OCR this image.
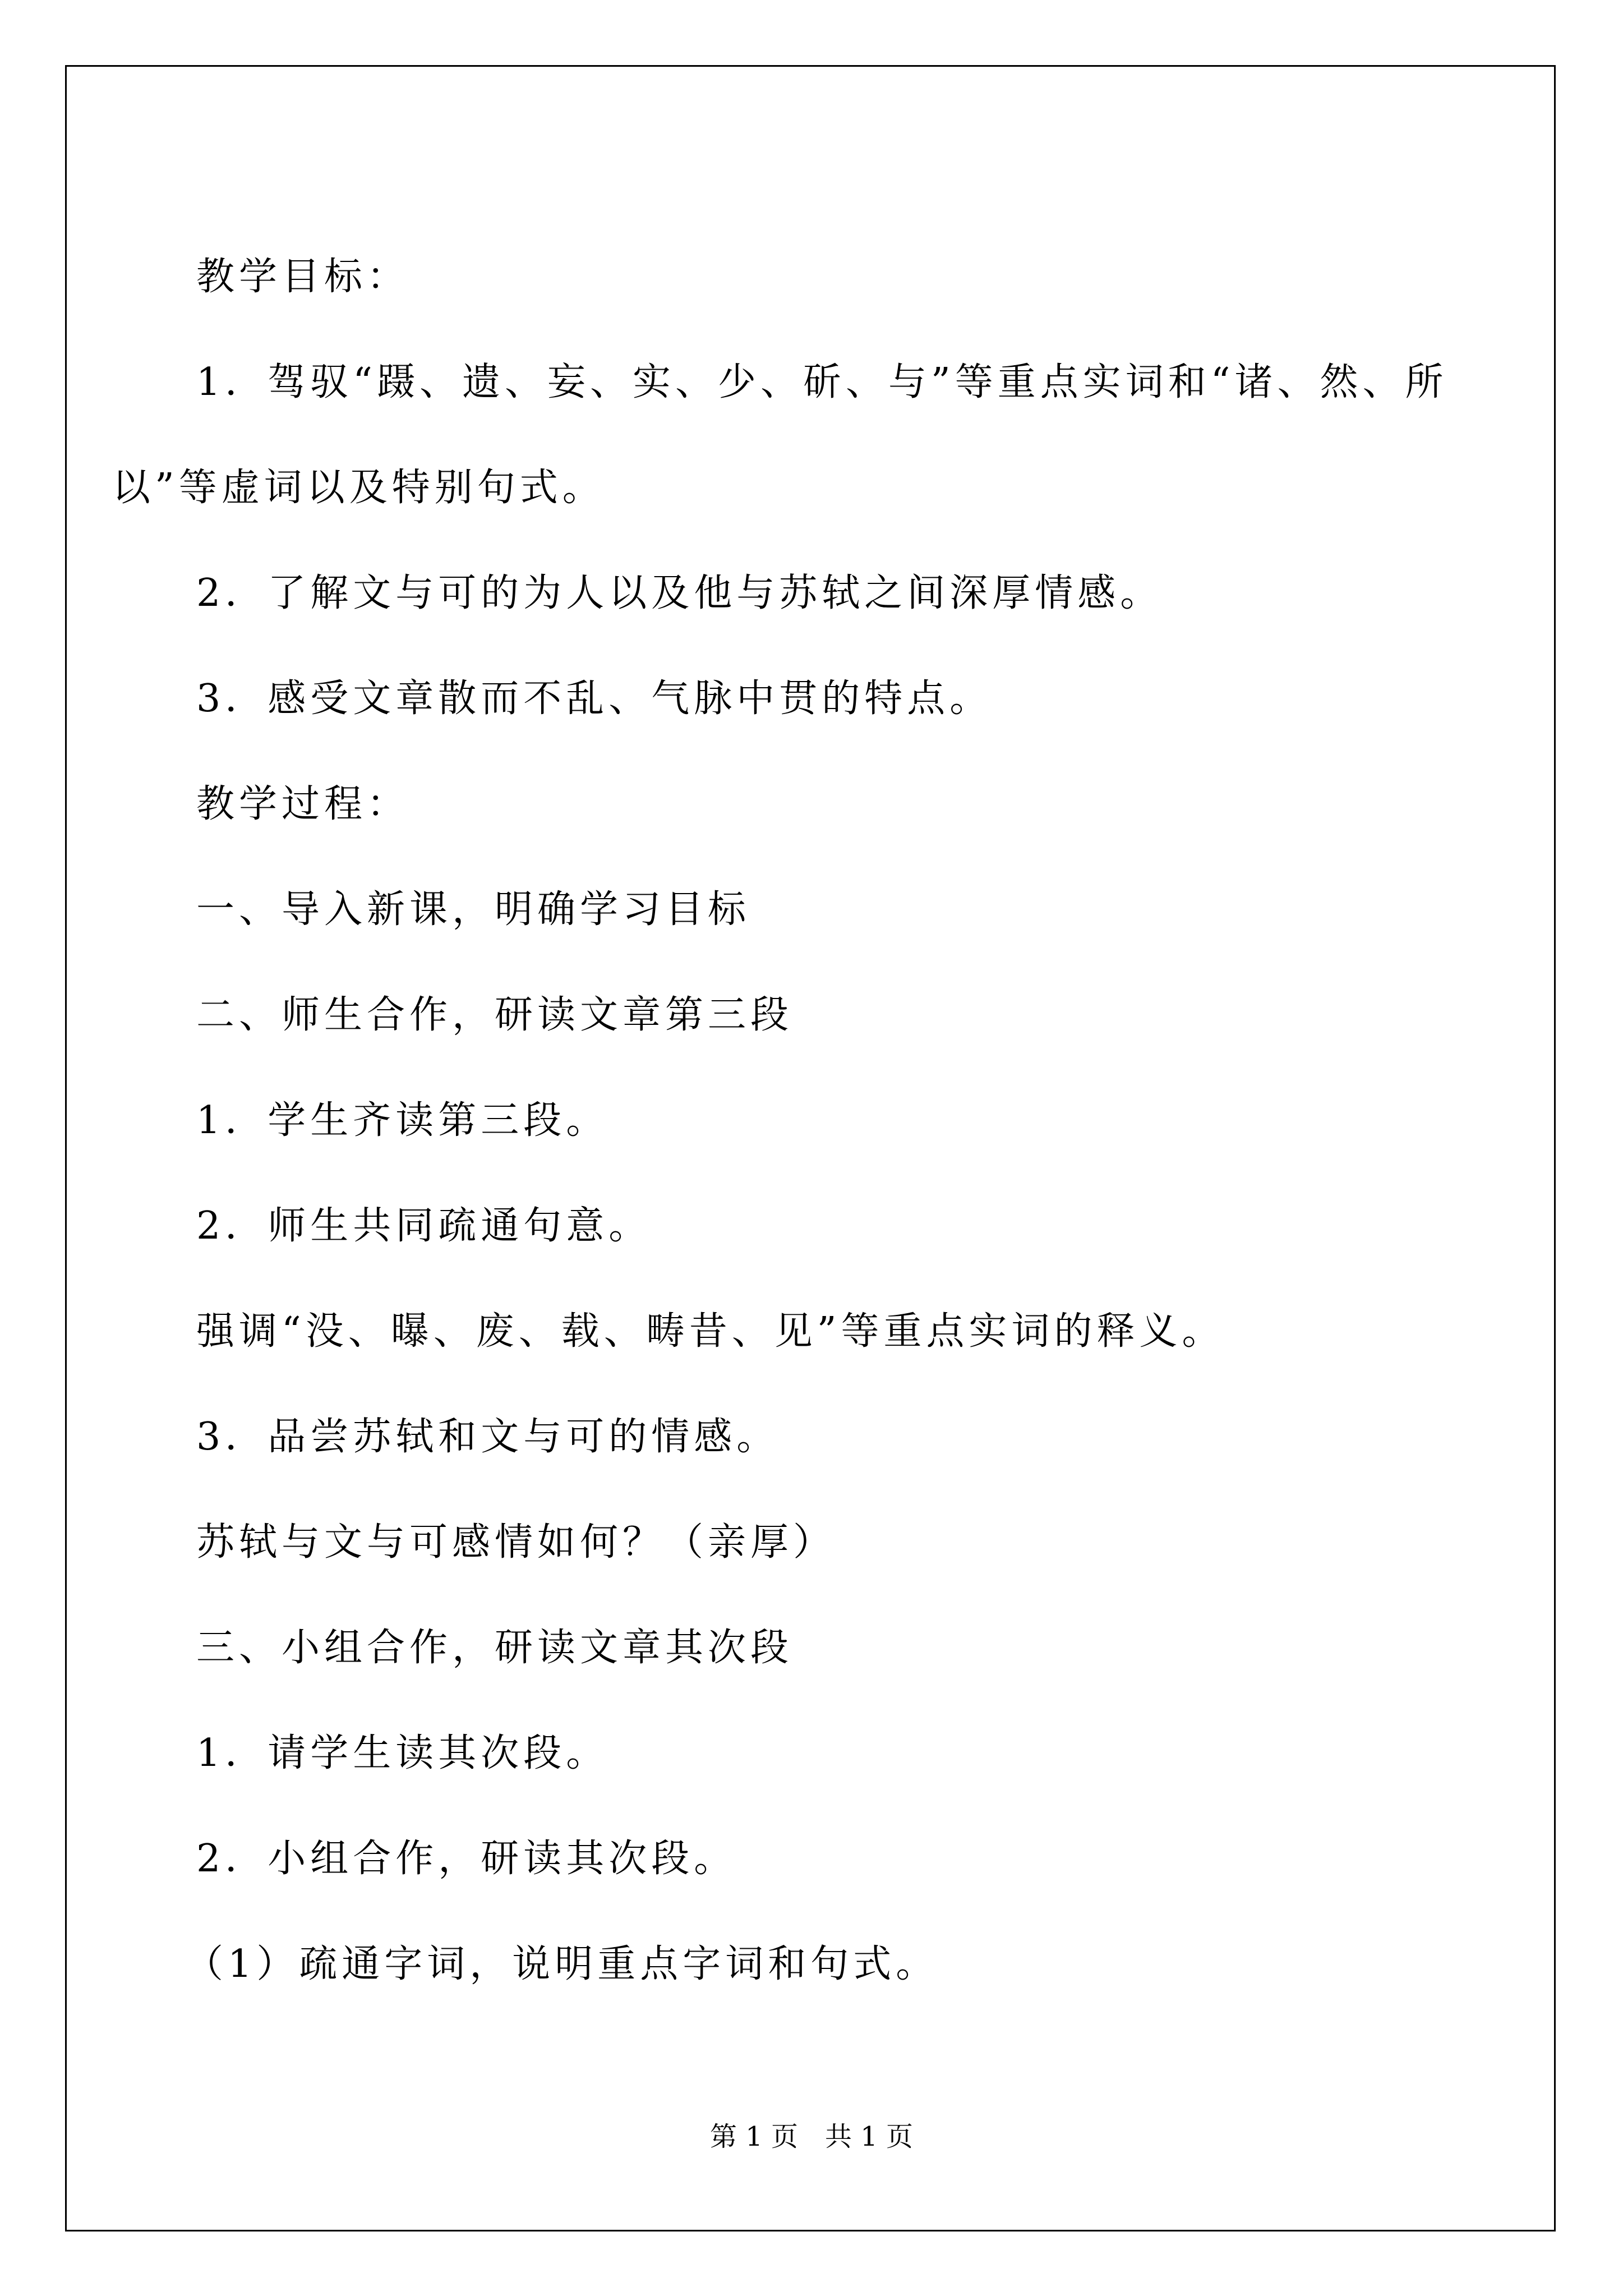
教学目标：

1．驾驭“蹑、遗、妄、实、少、斫、与”等重点实词和“诸、然、所以”等虚词以及特别句式。

2．了解文与可的为人以及他与苏轼之间深厚情感。

3．感受文章散而不乱、气脉中贯的特点。

教学过程：

一、导入新课，明确学习目标

二、师生合作，研读文章第三段

1．学生齐读第三段。

2．师生共同疏通句意。

强调“没、曝、废、载、畴昔、见”等重点实词的释义。

3．品尝苏轼和文与可的情感。

苏轼与文与可感情如何？（亲厚）

三、小组合作，研读文章其次段

1．请学生读其次段。

2．小组合作，研读其次段。

（1）疏通字词，说明重点字词和句式。

第 1 页　共 1 页
